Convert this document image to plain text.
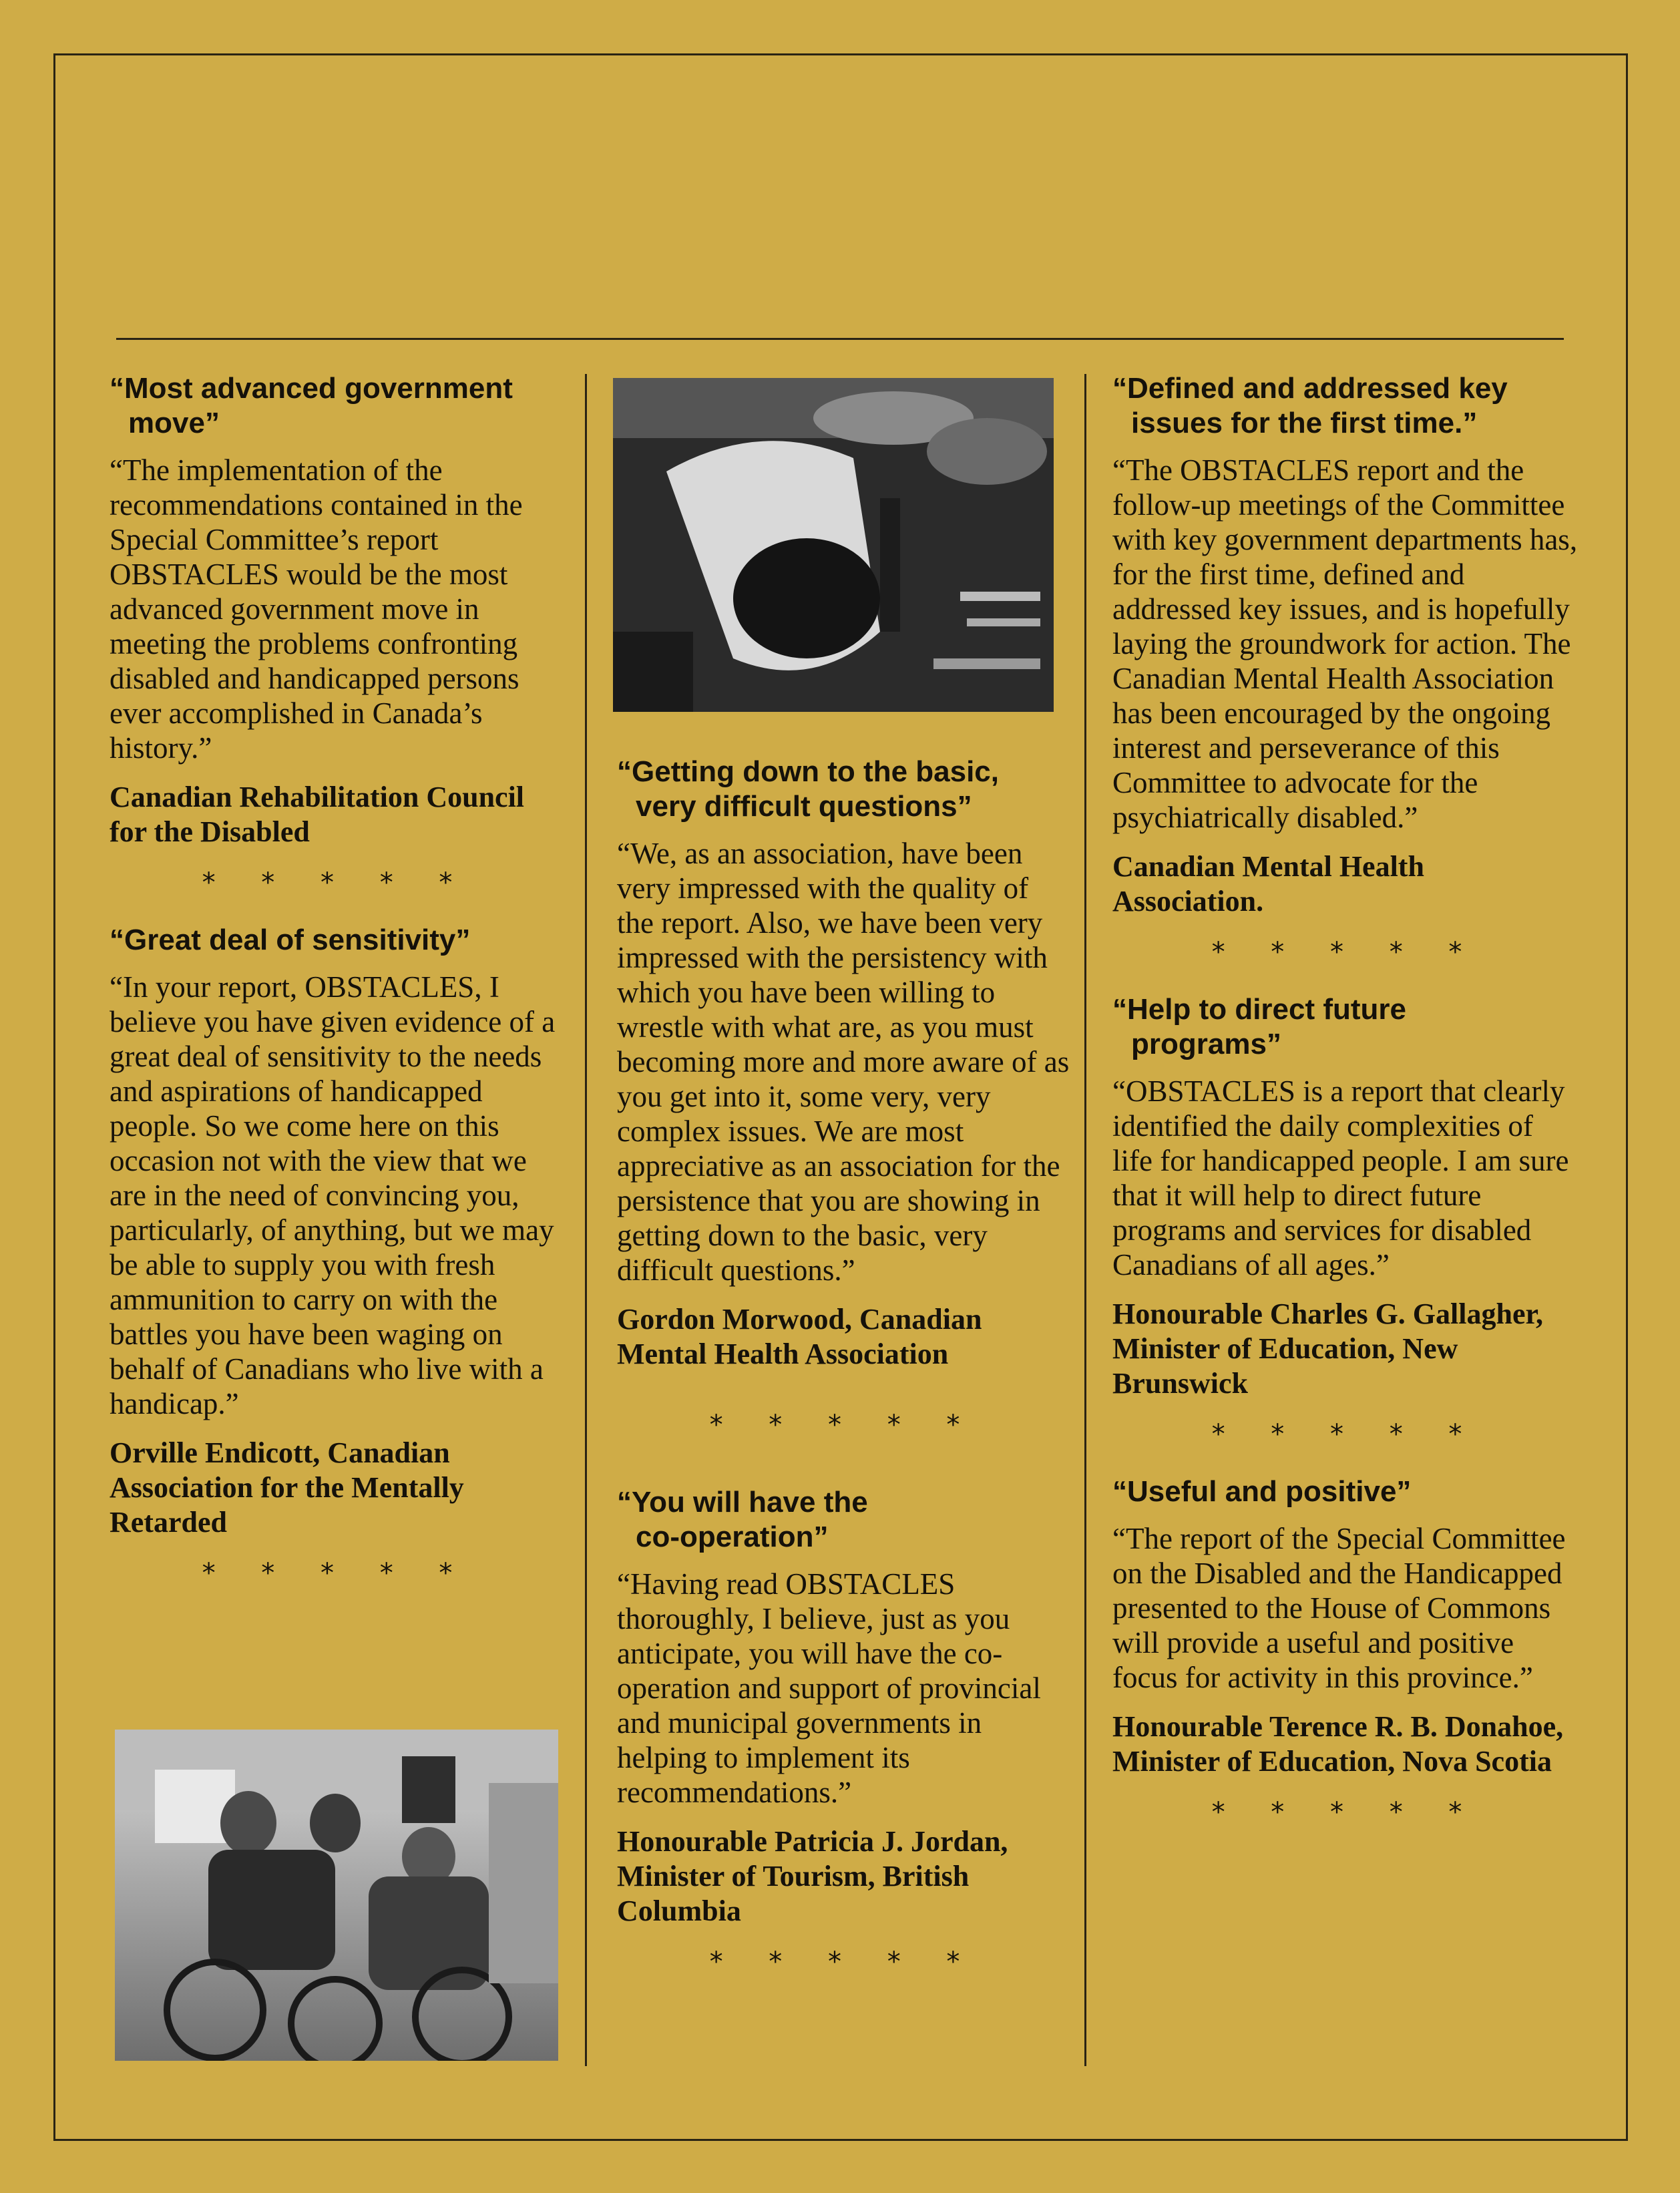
“Most advanced government
move”

“The implementation of the recommendations contained in the Special Committee’s report OBSTACLES would be the most advanced government move in meeting the problems confronting disabled and handicapped persons ever accomplished in Canada’s history.”

Canadian Rehabilitation Council for the Disabled

* * * * *
“Great deal of sensitivity”

“In your report, OBSTACLES, I believe you have given evidence of a great deal of sensitivity to the needs and aspirations of handicapped people. So we come here on this occasion not with the view that we are in the need of convincing you, particularly, of anything, but we may be able to supply you with fresh ammunition to carry on with the battles you have been waging on behalf of Canadians who live with a handicap.”

Orville Endicott, Canadian Association for the Mentally Retarded

* * * * *
“Getting down to the basic,
very difficult questions”

“We, as an association, have been very impressed with the quality of the report. Also, we have been very impressed with the persistency with which you have been willing to wrestle with what are, as you must becoming more and more aware of as you get into it, some very, very complex issues. We are most appreciative as an association for the persistence that you are showing in getting down to the basic, very difficult questions.”

Gordon Morwood, Canadian Mental Health Association

* * * * *
“You will have the
co-operation”

“Having read OBSTACLES thoroughly, I believe, just as you anticipate, you will have the co-operation and support of provincial and municipal governments in helping to implement its recommendations.”

Honourable Patricia J. Jordan, Minister of Tourism, British Columbia

* * * * *
“Defined and addressed key
issues for the first time.”

“The OBSTACLES report and the follow-up meetings of the Committee with key government departments has, for the first time, defined and addressed key issues, and is hopefully laying the groundwork for action. The Canadian Mental Health Association has been encouraged by the ongoing interest and perseverance of this Committee to advocate for the psychiatrically disabled.”

Canadian Mental Health Association.

* * * * *
“Help to direct future
programs”

“OBSTACLES is a report that clearly identified the daily complexities of life for handicapped people. I am sure that it will help to direct future programs and services for disabled Canadians of all ages.”

Honourable Charles G. Gallagher, Minister of Education, New Brunswick

* * * * *
“Useful and positive”

“The report of the Special Committee on the Disabled and the Handicapped presented to the House of Commons will provide a useful and positive focus for activity in this province.”

Honourable Terence R. B. Donahoe, Minister of Education, Nova Scotia

* * * * *
